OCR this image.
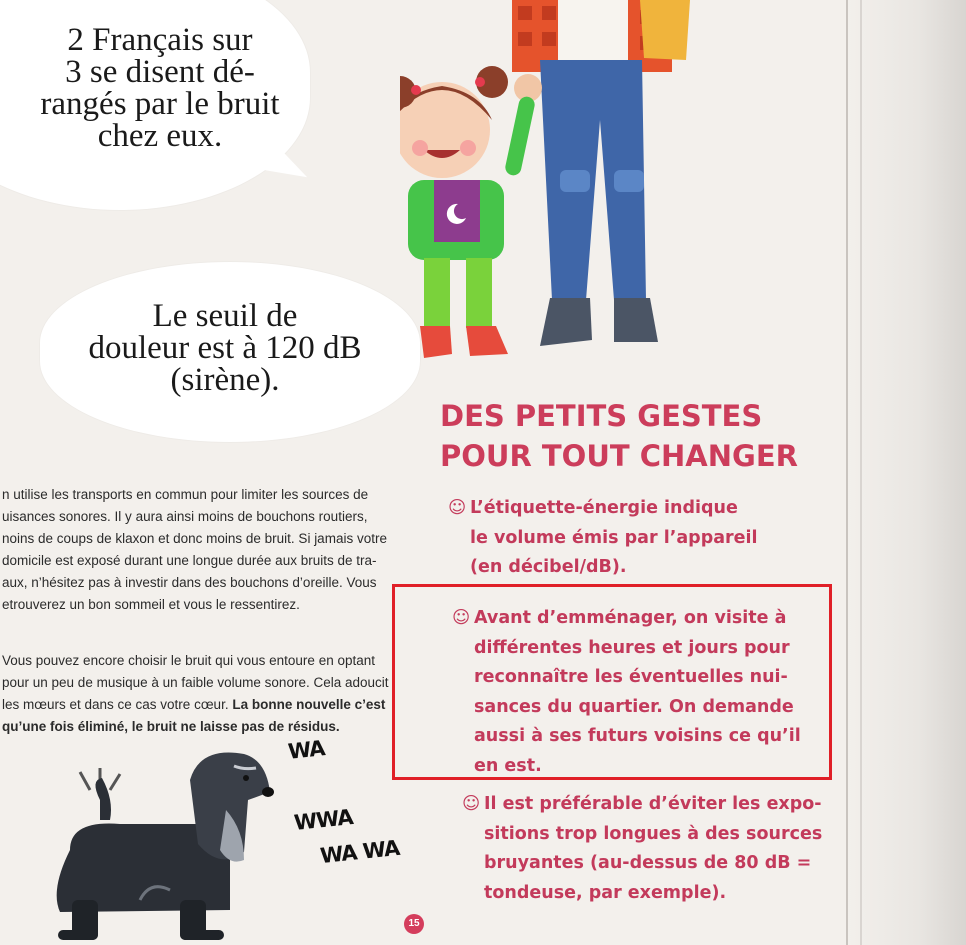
2 Français sur
3 se disent dé-
rangés par le bruit
chez eux.
Le seuil de
douleur est à 120 dB
(sirène).
n utilise les transports en commun pour limiter les sources de
uisances sonores. Il y aura ainsi moins de bouchons routiers,
noins de coups de klaxon et donc moins de bruit. Si jamais votre
domicile est exposé durant une longue durée aux bruits de tra-
aux, n’hésitez pas à investir dans des bouchons d’oreille. Vous
etrouverez un bon sommeil et vous le ressentirez.
Vous pouvez encore choisir le bruit qui vous entoure en optant
pour un peu de musique à un faible volume sonore. Cela adoucit
les mœurs et dans ce cas votre cœur. La bonne nouvelle c’est
qu’une fois éliminé, le bruit ne laisse pas de résidus.
DES PETITS GESTES
POUR TOUT CHANGER
☺ L’étiquette-énergie indique
le volume émis par l’appareil
(en décibel/dB).
☺ Avant d’emménager, on visite à
différentes heures et jours pour
reconnaître les éventuelles nui-
sances du quartier. On demande
aussi à ses futurs voisins ce qu’il
en est.
☺ Il est préférable d’éviter les expo-
sitions trop longues à des sources
bruyantes (au-dessus de 80 dB =
tondeuse, par exemple).
WA
WWA
WA WA
15
